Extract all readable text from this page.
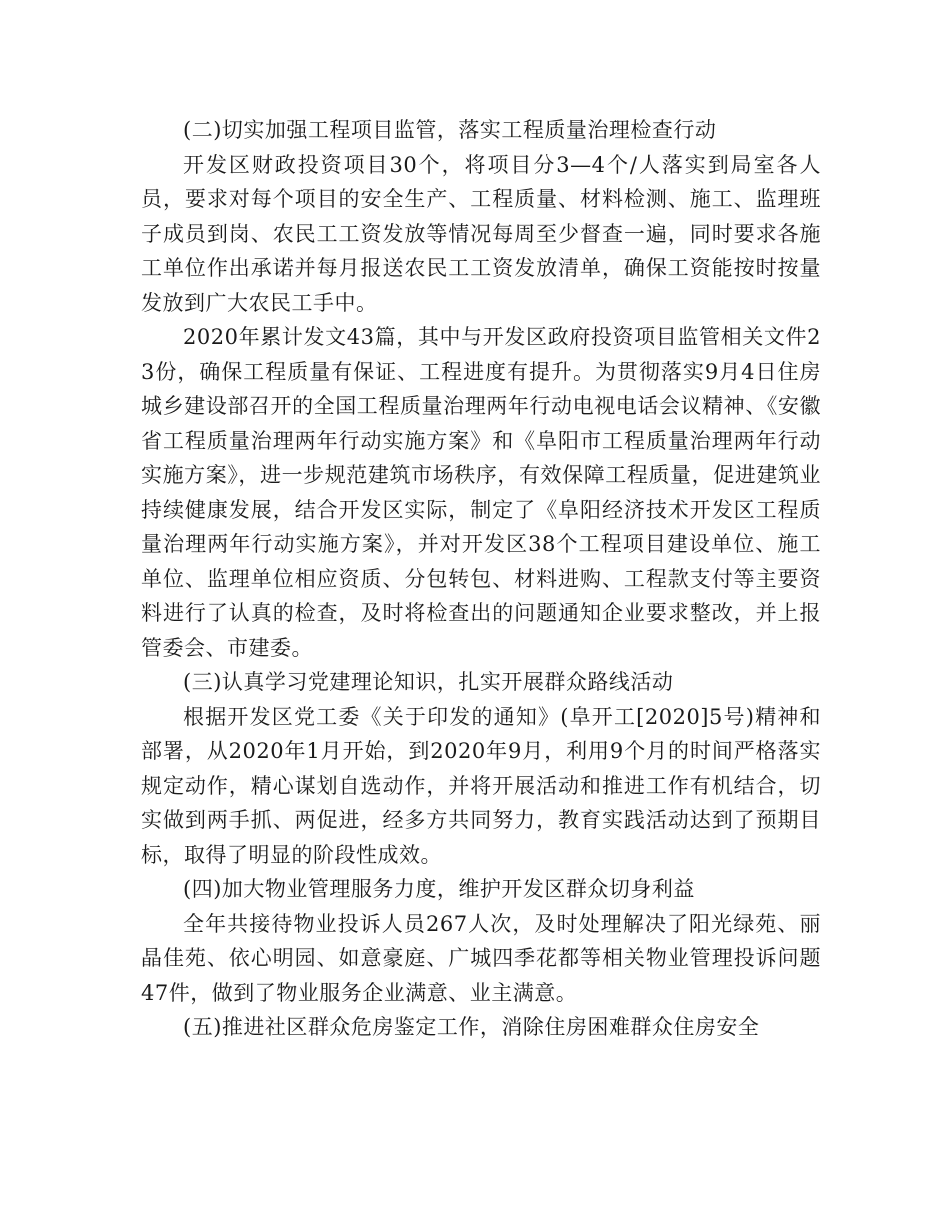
(二)切实加强工程项目监管，落实工程质量治理检查行动

开发区财政投资项目30个，将项目分3—4个/人落实到局室各人员，要求对每个项目的安全生产、工程质量、材料检测、施工、监理班子成员到岗、农民工工资发放等情况每周至少督查一遍，同时要求各施工单位作出承诺并每月报送农民工工资发放清单，确保工资能按时按量发放到广大农民工手中。

2020年累计发文43篇，其中与开发区政府投资项目监管相关文件23份，确保工程质量有保证、工程进度有提升。为贯彻落实9月4日住房城乡建设部召开的全国工程质量治理两年行动电视电话会议精神、《安徽省工程质量治理两年行动实施方案》和《阜阳市工程质量治理两年行动实施方案》，进一步规范建筑市场秩序，有效保障工程质量，促进建筑业持续健康发展，结合开发区实际，制定了《阜阳经济技术开发区工程质量治理两年行动实施方案》，并对开发区38个工程项目建设单位、施工单位、监理单位相应资质、分包转包、材料进购、工程款支付等主要资料进行了认真的检查，及时将检查出的问题通知企业要求整改，并上报管委会、市建委。

(三)认真学习党建理论知识，扎实开展群众路线活动

根据开发区党工委《关于印发的通知》(阜开工[2020]5号)精神和部署，从2020年1月开始，到2020年9月，利用9个月的时间严格落实规定动作，精心谋划自选动作，并将开展活动和推进工作有机结合，切实做到两手抓、两促进，经多方共同努力，教育实践活动达到了预期目标，取得了明显的阶段性成效。

(四)加大物业管理服务力度，维护开发区群众切身利益

全年共接待物业投诉人员267人次，及时处理解决了阳光绿苑、丽晶佳苑、依心明园、如意豪庭、广城四季花都等相关物业管理投诉问题47件，做到了物业服务企业满意、业主满意。

(五)推进社区群众危房鉴定工作，消除住房困难群众住房安全
